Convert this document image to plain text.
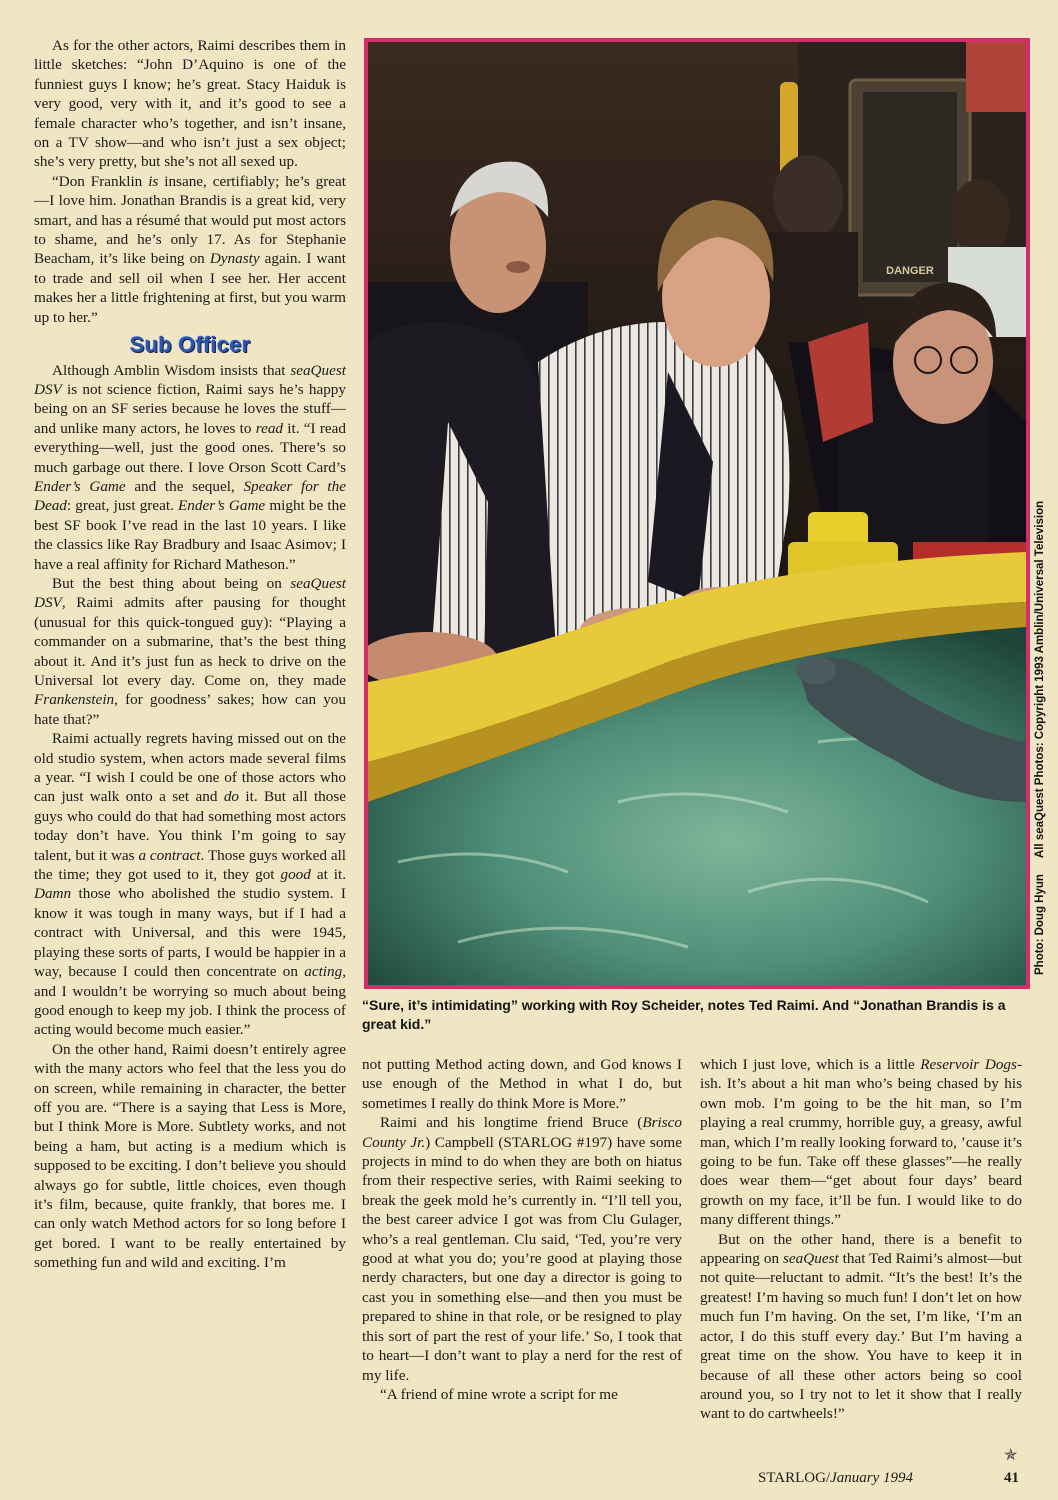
As for the other actors, Raimi describes them in little sketches: “John D’Aquino is one of the funniest guys I know; he’s great. Stacy Haiduk is very good, very with it, and it’s good to see a female character who’s together, and isn’t insane, on a TV show—and who isn’t just a sex object; she’s very pretty, but she’s not all sexed up.

“Don Franklin is insane, certifiably; he’s great—I love him. Jonathan Brandis is a great kid, very smart, and has a résumé that would put most actors to shame, and he’s only 17. As for Stephanie Beacham, it’s like being on Dynasty again. I want to trade and sell oil when I see her. Her accent makes her a little frightening at first, but you warm up to her.”

Sub Officer

Although Amblin Wisdom insists that seaQuest DSV is not science fiction, Raimi says he’s happy being on an SF series because he loves the stuff—and unlike many actors, he loves to read it. “I read everything—well, just the good ones. There’s so much garbage out there. I love Orson Scott Card’s Ender’s Game and the sequel, Speaker for the Dead: great, just great. Ender’s Game might be the best SF book I’ve read in the last 10 years. I like the classics like Ray Bradbury and Isaac Asimov; I have a real affinity for Richard Matheson.”

But the best thing about being on seaQuest DSV, Raimi admits after pausing for thought (unusual for this quick-tongued guy): “Playing a commander on a submarine, that’s the best thing about it. And it’s just fun as heck to drive on the Universal lot every day. Come on, they made Frankenstein, for goodness’ sakes; how can you hate that?”

Raimi actually regrets having missed out on the old studio system, when actors made several films a year. “I wish I could be one of those actors who can just walk onto a set and do it. But all those guys who could do that had something most actors today don’t have. You think I’m going to say talent, but it was a contract. Those guys worked all the time; they got used to it, they got good at it. Damn those who abolished the studio system. I know it was tough in many ways, but if I had a contract with Universal, and this were 1945, playing these sorts of parts, I would be happier in a way, because I could then concentrate on acting, and I wouldn’t be worrying so much about being good enough to keep my job. I think the process of acting would become much easier.”

On the other hand, Raimi doesn’t entirely agree with the many actors who feel that the less you do on screen, while remaining in character, the better off you are. “There is a saying that Less is More, but I think More is More. Subtlety works, and not being a ham, but acting is a medium which is supposed to be exciting. I don’t believe you should always go for subtle, little choices, even though it’s film, because, quite frankly, that bores me. I can only watch Method actors for so long before I get bored. I want to be really entertained by something fun and wild and exciting. I’m

DANGER
Photo: Doug HyunAll seaQuest Photos: Copyright 1993 Amblin/Universal Television
“Sure, it’s intimidating” working with Roy Scheider, notes Ted Raimi. And “Jonathan Brandis is a great kid.”

not putting Method acting down, and God knows I use enough of the Method in what I do, but sometimes I really do think More is More.”

Raimi and his longtime friend Bruce (Brisco County Jr.) Campbell (STARLOG #197) have some projects in mind to do when they are both on hiatus from their respective series, with Raimi seeking to break the geek mold he’s currently in. “I’ll tell you, the best career advice I got was from Clu Gulager, who’s a real gentleman. Clu said, ‘Ted, you’re very good at what you do; you’re good at playing those nerdy characters, but one day a director is going to cast you in something else—and then you must be prepared to shine in that role, or be resigned to play this sort of part the rest of your life.’ So, I took that to heart—I don’t want to play a nerd for the rest of my life.

“A friend of mine wrote a script for me

which I just love, which is a little Reservoir Dogs-ish. It’s about a hit man who’s being chased by his own mob. I’m going to be the hit man, so I’m playing a real crummy, horrible guy, a greasy, awful man, which I’m really looking forward to, ’cause it’s going to be fun. Take off these glasses”—he really does wear them—“get about four days’ beard growth on my face, it’ll be fun. I would like to do many different things.”

But on the other hand, there is a benefit to appearing on seaQuest that Ted Raimi’s almost—but not quite—reluctant to admit. “It’s the best! It’s the greatest! I’m having so much fun! I don’t let on how much fun I’m having. On the set, I’m like, ‘I’m an actor, I do this stuff every day.’ But I’m having a great time on the show. You have to keep it in because of all these other actors being so cool around you, so I try not to let it show that I really want to do cartwheels!”

✯
STARLOG/January 1994	41
